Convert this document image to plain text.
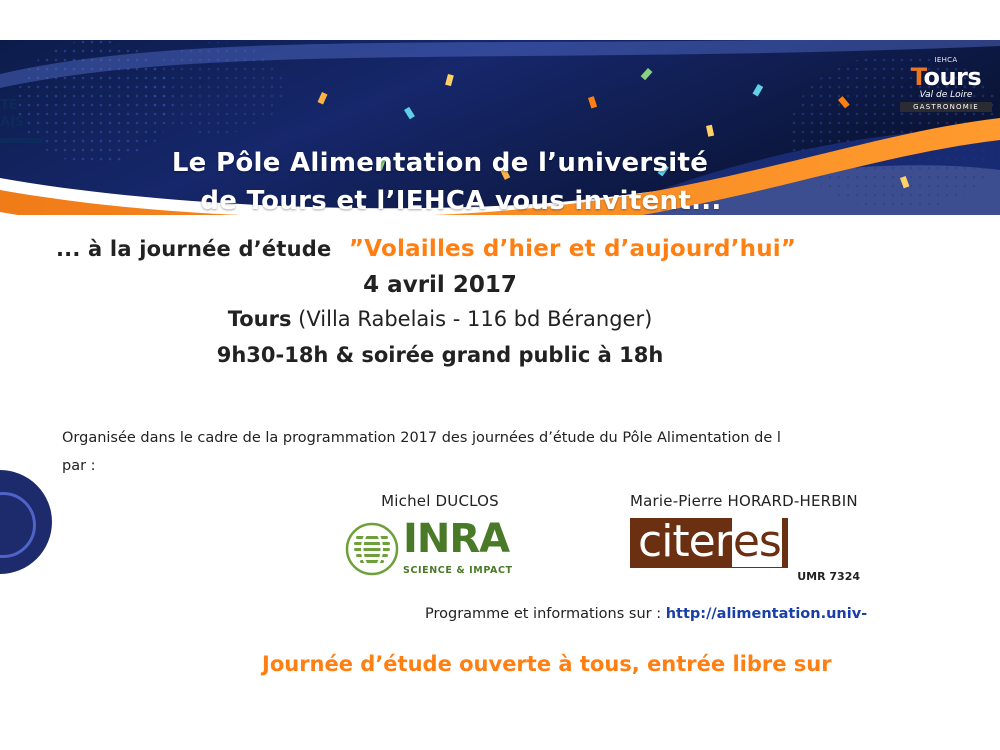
Le Pôle Alimentation de l’université
de Tours et l’IEHCA vous invitent...
IEHCA
Tours
Val de Loire
GASTRONOMIE
TÉ
AIS
... à la journée d’étude ”Volailles d’hier et d’aujourd’hui”
4 avril 2017
Tours (Villa Rabelais - 116 bd Béranger)
9h30-18h & soirée grand public à 18h
Organisée dans le cadre de la programmation 2017 des journées d’étude du Pôle Alimentation de l
par :
Michel DUCLOS
INRA SCIENCE & IMPACT
Marie-Pierre HORARD-HERBIN
citeres
UMR 7324
Programme et informations sur : http://alimentation.univ-
Journée d’étude ouverte à tous, entrée libre sur
